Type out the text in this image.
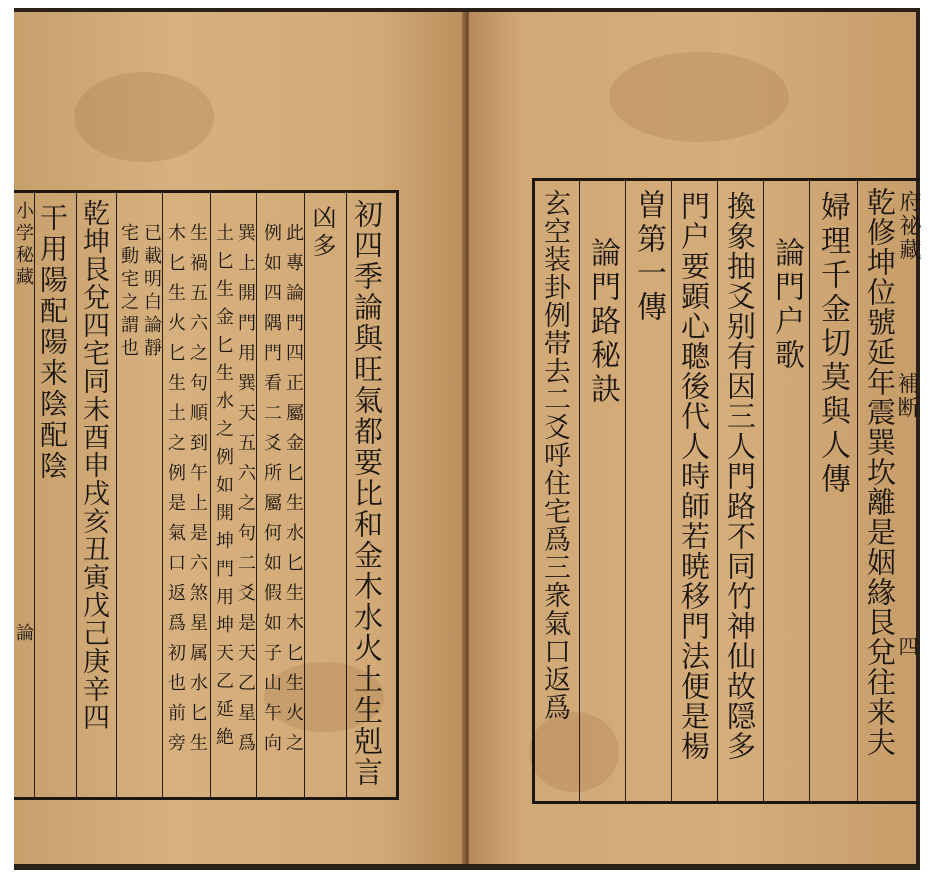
小学秘藏
論
干用陽配陽来陰配陰 乾坤艮兌四宅同未酉申戌亥丑寅戊己庚辛四 宅動宅之謂也 已載明白論靜 木匕生火匕生土之例是氣口返爲初也前旁 生禍五六之句順到午上是六煞星属水匕生 土匕生金匕生水之例如開坤門用坤天乙延絶 巽上開門用巽天五六之句二爻是天乙星爲 例如四隅門看二爻所屬何如假如子山午向 此專論門四正屬金匕生水匕生木匕生火之 凶多 初四季論與旺氣都要比和金木水火土生剋言	玄空装卦例帯去二爻呼住宅爲三衆氣口返爲 論門路秘訣 曽第一傳 門户要顕心聰後代人時師若暁移門法便是楊 換象抽爻别有因三人門路不同竹神仙故隠多 論門户歌 婦理千金切莫與人傳 乾修坤位號延年震巽坎離是姻緣艮兌往来夫 府祕藏
補断
四
